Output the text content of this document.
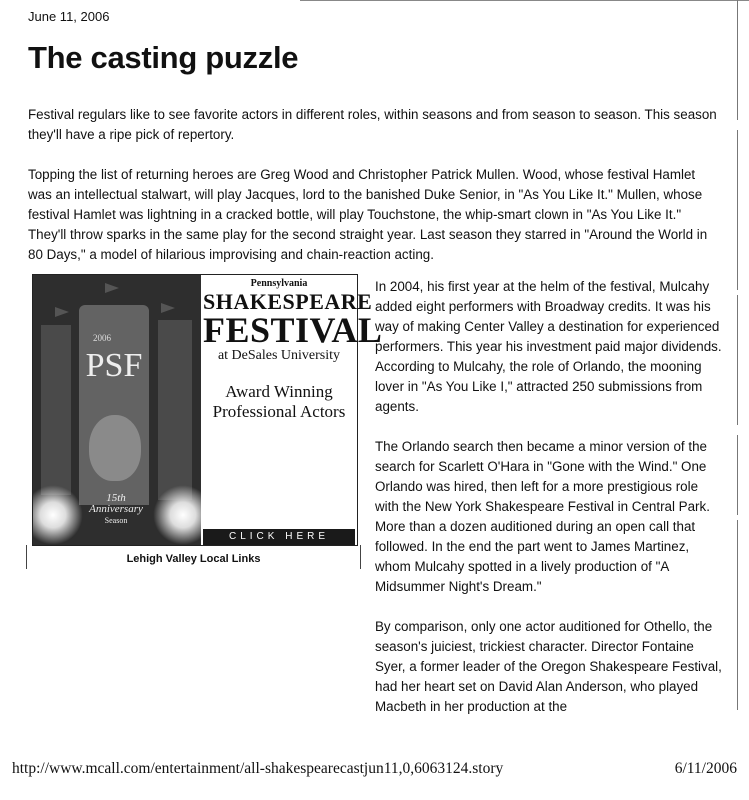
June 11, 2006
The casting puzzle

Festival regulars like to see favorite actors in different roles, within seasons and from season to season. This season they'll have a ripe pick of repertory.

Topping the list of returning heroes are Greg Wood and Christopher Patrick Mullen. Wood, whose festival Hamlet was an intellectual stalwart, will play Jacques, lord to the banished Duke Senior, in "As You Like It." Mullen, whose festival Hamlet was lightning in a cracked bottle, will play Touchstone, the whip-smart clown in "As You Like It." They'll throw sparks in the same play for the second straight year. Last season they starred in "Around the World in 80 Days," a model of hilarious improvising and chain-reaction acting.

2006
PSF
15th
Anniversary
Season
Pennsylvania
SHAKESPEARE
FESTIVAL
at DeSales University
Award Winning
Professional Actors
CLICK HERE
Lehigh Valley Local Links

In 2004, his first year at the helm of the festival, Mulcahy added eight performers with Broadway credits. It was his way of making Center Valley a destination for experienced performers. This year his investment paid major dividends. According to Mulcahy, the role of Orlando, the mooning lover in "As You Like I," attracted 250 submissions from agents.

The Orlando search then became a minor version of the search for Scarlett O'Hara in "Gone with the Wind." One Orlando was hired, then left for a more prestigious role with the New York Shakespeare Festival in Central Park. More than a dozen auditioned during an open call that followed. In the end the part went to James Martinez, whom Mulcahy spotted in a lively production of "A Midsummer Night's Dream."

By comparison, only one actor auditioned for Othello, the season's juiciest, trickiest character. Director Fontaine Syer, a former leader of the Oregon Shakespeare Festival, had her heart set on David Alan Anderson, who played Macbeth in her production at the

http://www.mcall.com/entertainment/all-shakespearecastjun11,0,6063124.story	6/11/2006
